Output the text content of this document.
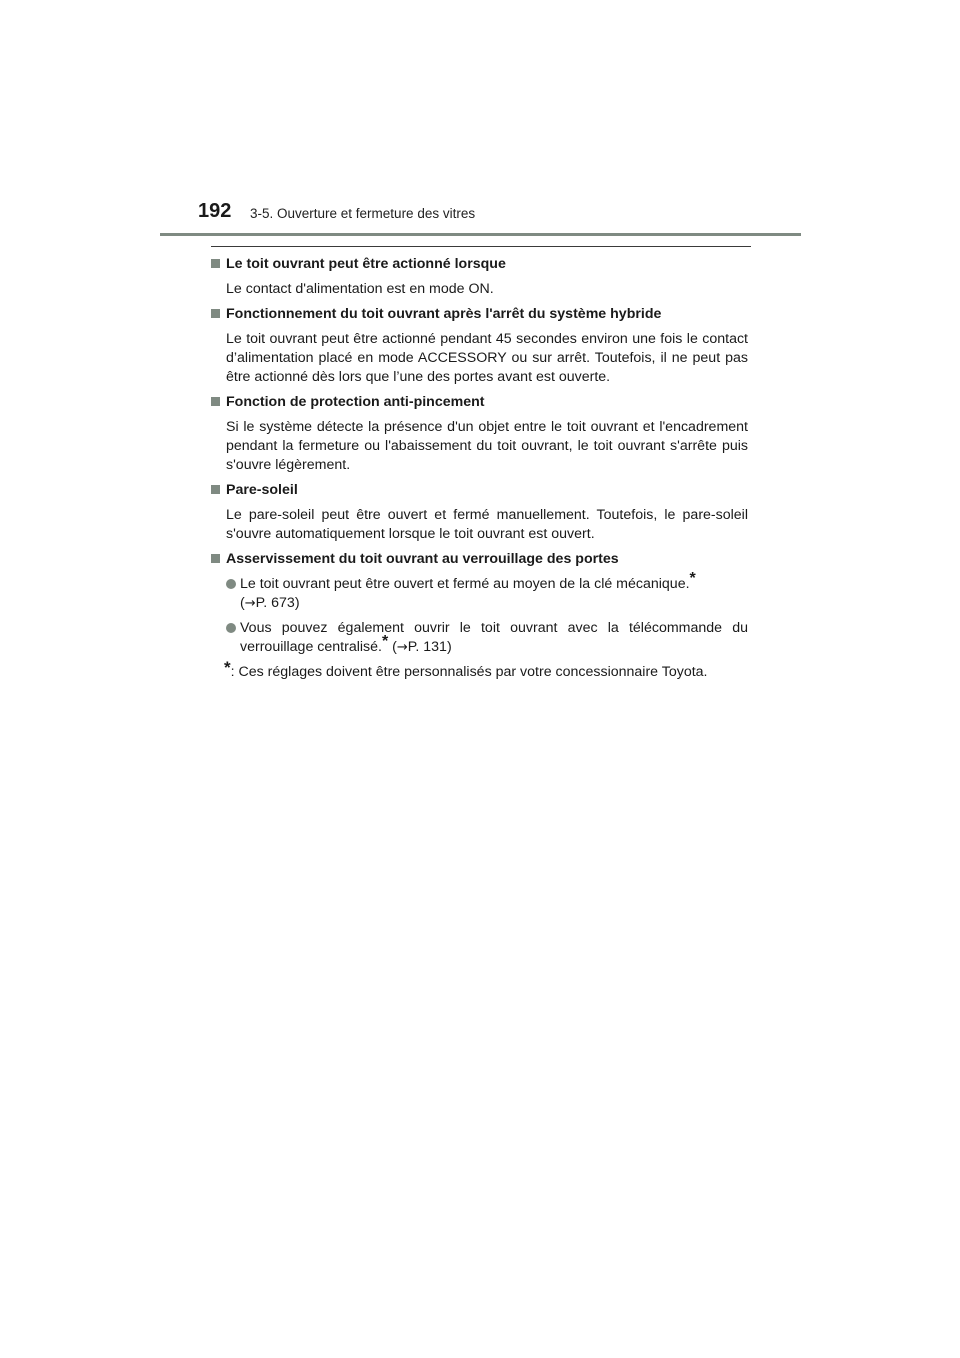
192 3-5. Ouverture et fermeture des vitres
Le toit ouvrant peut être actionné lorsque
Le contact d'alimentation est en mode ON.
Fonctionnement du toit ouvrant après l'arrêt du système hybride
Le toit ouvrant peut être actionné pendant 45 secondes environ une fois le contact d’alimentation placé en mode ACCESSORY ou sur arrêt. Toutefois, il ne peut pas être actionné dès lors que l’une des portes avant est ouverte.
Fonction de protection anti-pincement
Si le système détecte la présence d'un objet entre le toit ouvrant et l'encadrement pendant la fermeture ou l'abaissement du toit ouvrant, le toit ouvrant s'arrête puis s'ouvre légèrement.
Pare-soleil
Le pare-soleil peut être ouvert et fermé manuellement. Toutefois, le pare-soleil s'ouvre automatiquement lorsque le toit ouvrant est ouvert.
Asservissement du toit ouvrant au verrouillage des portes
Le toit ouvrant peut être ouvert et fermé au moyen de la clé mécanique.*
(→P. 673)
Vous pouvez également ouvrir le toit ouvrant avec la télécommande du verrouillage centralisé.* (→P. 131)
*: Ces réglages doivent être personnalisés par votre concessionnaire Toyota.
